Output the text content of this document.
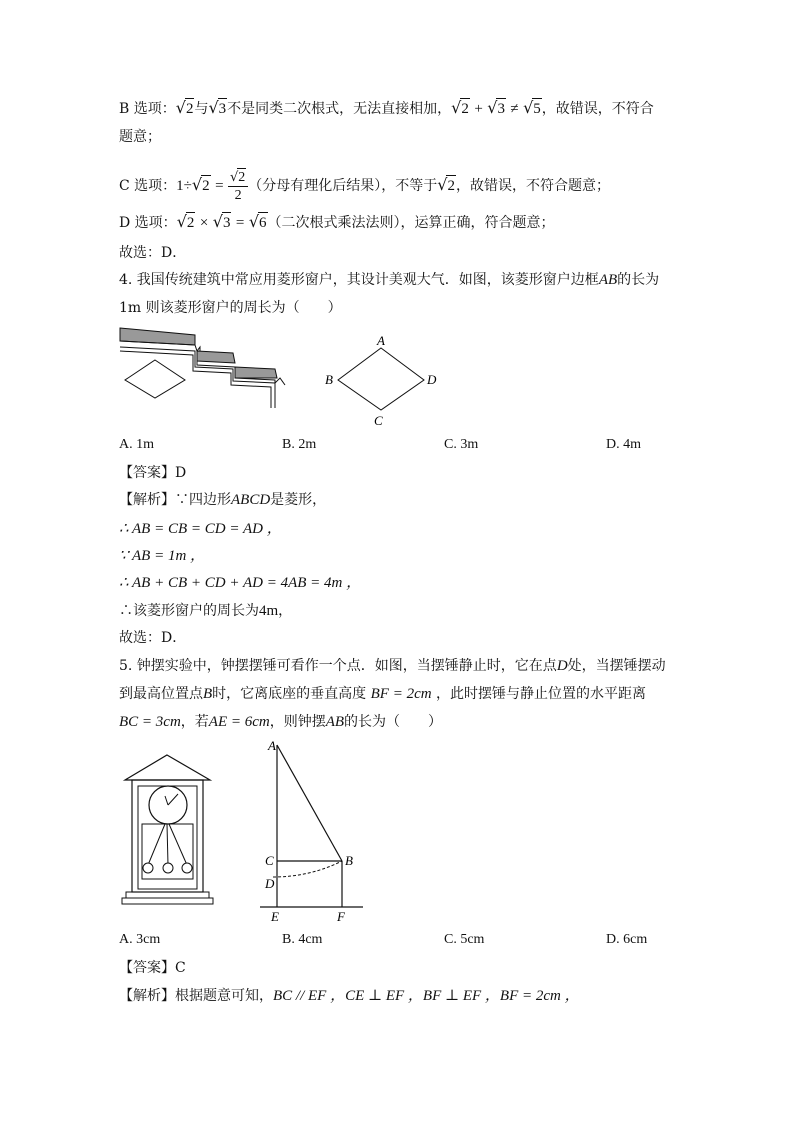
B 选项：√2与√3不是同类二次根式，无法直接相加，√2 + √3 ≠ √5，故错误，不符合
题意；
C 选项：$1\div√2 = \frac{√2}{2}$ （分母有理化后结果），不等于√2，故错误，不符合题意；
D 选项：√2 × √3 = √6（二次根式乘法法则），运算正确，符合题意；
故选：D．
4. 我国传统建筑中常应用菱形窗户，其设计美观大气．如图，该菱形窗户边框AB的长为
1m 则该菱形窗户的周长为（　　）
A
B
C
D
A. 1m	B. 2m	C. 3m	D. 4m
【答案】D
【解析】∵四边形ABCD是菱形，
∴ AB = CB = CD = AD ，
∵ AB = 1m ，
∴ AB + CB + CD + AD = 4AB = 4m ，
∴该菱形窗户的周长为4m，
故选：D．
5. 钟摆实验中，钟摆摆锤可看作一个点．如图，当摆锤静止时，它在点D处，当摆锤摆动
到最高位置点B时，它离底座的垂直高度 BF = 2cm ，此时摆锤与静止位置的水平距离
BC = 3cm，若AE = 6cm，则钟摆AB的长为（　　）
A
B
C
D
E	F
A. 3cm	B. 4cm	C. 5cm	D. 6cm
【答案】C
【解析】根据题意可知，BC // EF ，CE ⊥ EF ，BF ⊥ EF ，BF = 2cm ，
